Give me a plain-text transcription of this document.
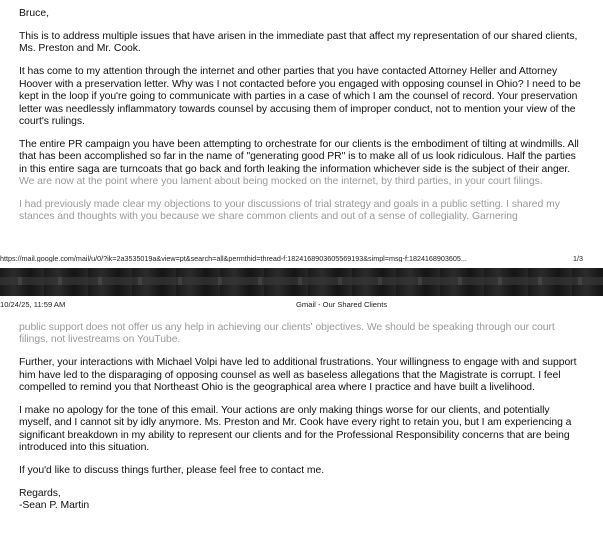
Bruce,

This is to address multiple issues that have arisen in the immediate past that affect my representation of our shared clients, Ms. Preston and Mr. Cook.

It has come to my attention through the internet and other parties that you have contacted Attorney Heller and Attorney Hoover with a preservation letter. Why was I not contacted before you engaged with opposing counsel in Ohio? I need to be kept in the loop if you're going to communicate with parties in a case of which I am the counsel of record. Your preservation letter was needlessly inflammatory towards counsel by accusing them of improper conduct, not to mention your view of the court's rulings.

The entire PR campaign you have been attempting to orchestrate for our clients is the embodiment of tilting at windmills. All that has been accomplished so far in the name of "generating good PR" is to make all of us look ridiculous. Half the parties in this entire saga are turncoats that go back and forth leaking the information whichever side is the subject of their anger. We are now at the point where you lament about being mocked on the internet, by third parties, in your court filings.

I had previously made clear my objections to your discussions of trial strategy and goals in a public setting. I shared my stances and thoughts with you because we share common clients and out of a sense of collegiality. Garnering

https://mail.google.com/mail/u/0/?ik=2a3535019a&view=pt&search=all&permthid=thread-f:1824168903605569193&simpl=msg-f:1824168903605...	1/3
10/24/25, 11:59 AM	Gmail - Our Shared Clients

public support does not offer us any help in achieving our clients' objectives. We should be speaking through our court filings, not livestreams on YouTube.

Further, your interactions with Michael Volpi have led to additional frustrations. Your willingness to engage with and support him have led to the disparaging of opposing counsel as well as baseless allegations that the Magistrate is corrupt. I feel compelled to remind you that Northeast Ohio is the geographical area where I practice and have built a livelihood.

I make no apology for the tone of this email. Your actions are only making things worse for our clients, and potentially myself, and I cannot sit by idly anymore. Ms. Preston and Mr. Cook have every right to retain you, but I am experiencing a significant breakdown in my ability to represent our clients and for the Professional Responsibility concerns that are being introduced into this situation.

If you'd like to discuss things further, please feel free to contact me.

Regards,

-Sean P. Martin
